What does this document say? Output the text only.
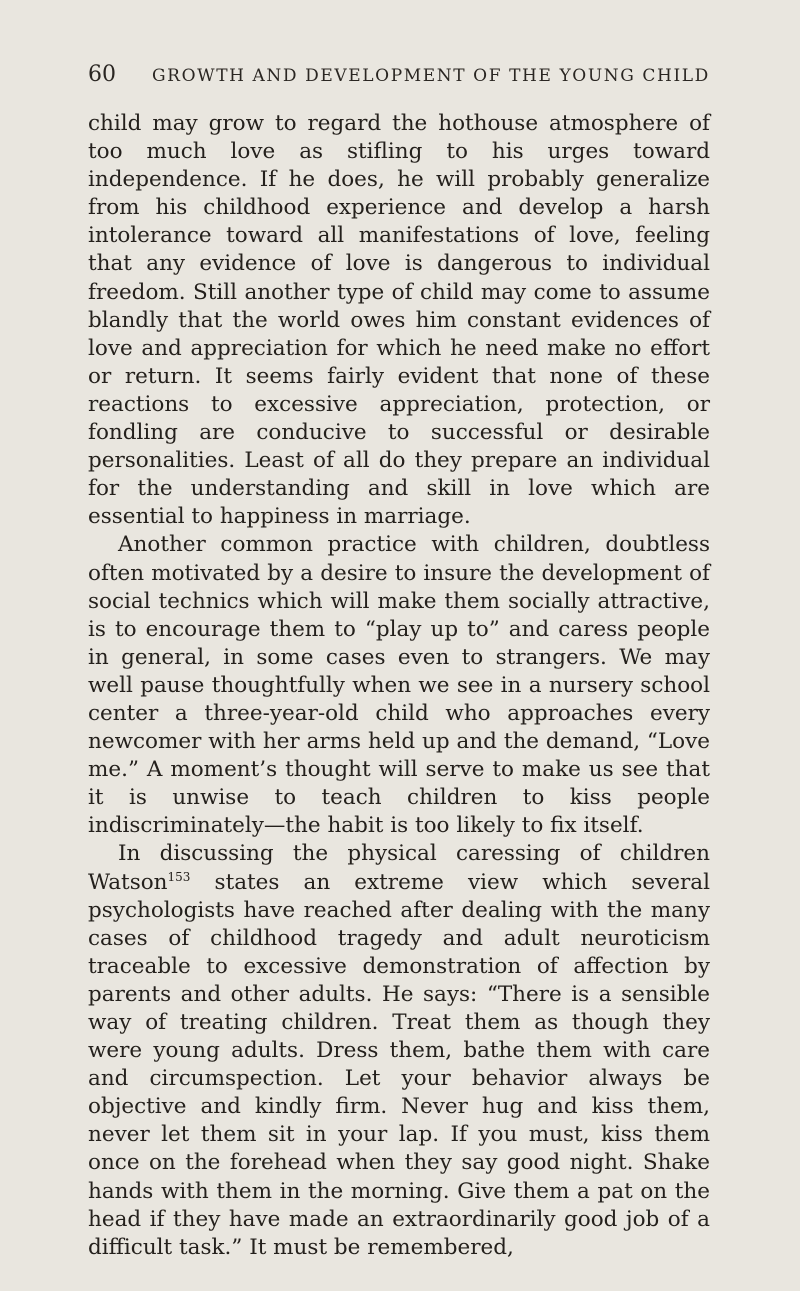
60 GROWTH AND DEVELOPMENT OF THE YOUNG CHILD

child may grow to regard the hothouse atmosphere of too much love as stifling to his urges toward independence. If he does, he will probably generalize from his childhood experience and develop a harsh intolerance toward all manifestations of love, feeling that any evidence of love is dangerous to individual freedom. Still another type of child may come to assume blandly that the world owes him constant evidences of love and appreciation for which he need make no effort or return. It seems fairly evident that none of these reactions to excessive appreciation, protection, or fondling are conducive to successful or desirable personalities. Least of all do they prepare an individual for the understanding and skill in love which are essential to happiness in marriage.

Another common practice with children, doubtless often motivated by a desire to insure the development of social technics which will make them socially attractive, is to encourage them to “play up to” and caress people in general, in some cases even to strangers. We may well pause thoughtfully when we see in a nursery school center a three-year-old child who approaches every newcomer with her arms held up and the demand, “Love me.” A moment’s thought will serve to make us see that it is unwise to teach children to kiss people indiscriminately—the habit is too likely to fix itself.

In discussing the physical caressing of children Watson$^{153}$ states an extreme view which several psychologists have reached after dealing with the many cases of childhood tragedy and adult neuroticism traceable to excessive demonstration of affection by parents and other adults. He says: “There is a sensible way of treating children. Treat them as though they were young adults. Dress them, bathe them with care and circumspection. Let your behavior always be objective and kindly firm. Never hug and kiss them, never let them sit in your lap. If you must, kiss them once on the forehead when they say good night. Shake hands with them in the morning. Give them a pat on the head if they have made an extraordinarily good job of a difficult task.” It must be remembered,
